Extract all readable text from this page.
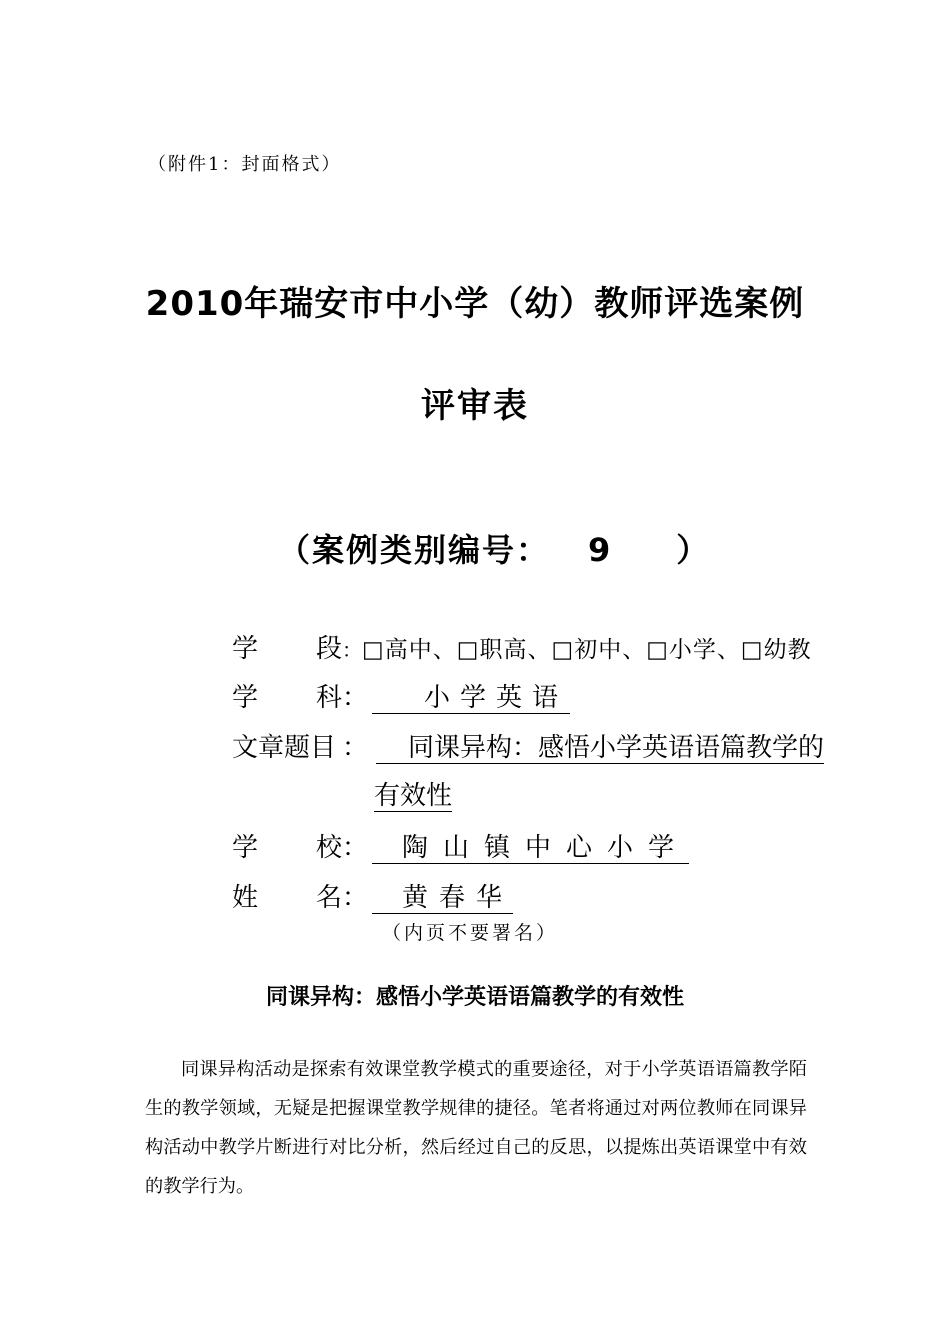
（附件1：封面格式）
2010年瑞安市中小学（幼）教师评选案例
评审表
（案例类别编号： 9 ）
学	段 ： □高中、□职高、□初中、□小学、□幼教
学	科 ：	小学英语
文章题目 ：	同课异构：感悟小学英语语篇教学的
有效性
学	校 ：	陶山镇中心小学
姓	名 ：	黄春华
（内页不要署名）
同课异构：感悟小学英语语篇教学的有效性
同课异构活动是探索有效课堂教学模式的重要途径，对于小学英语语篇教学陌生的教学领域，无疑是把握课堂教学规律的捷径。笔者将通过对两位教师在同课异构活动中教学片断进行对比分析，然后经过自己的反思，以提炼出英语课堂中有效的教学行为。
